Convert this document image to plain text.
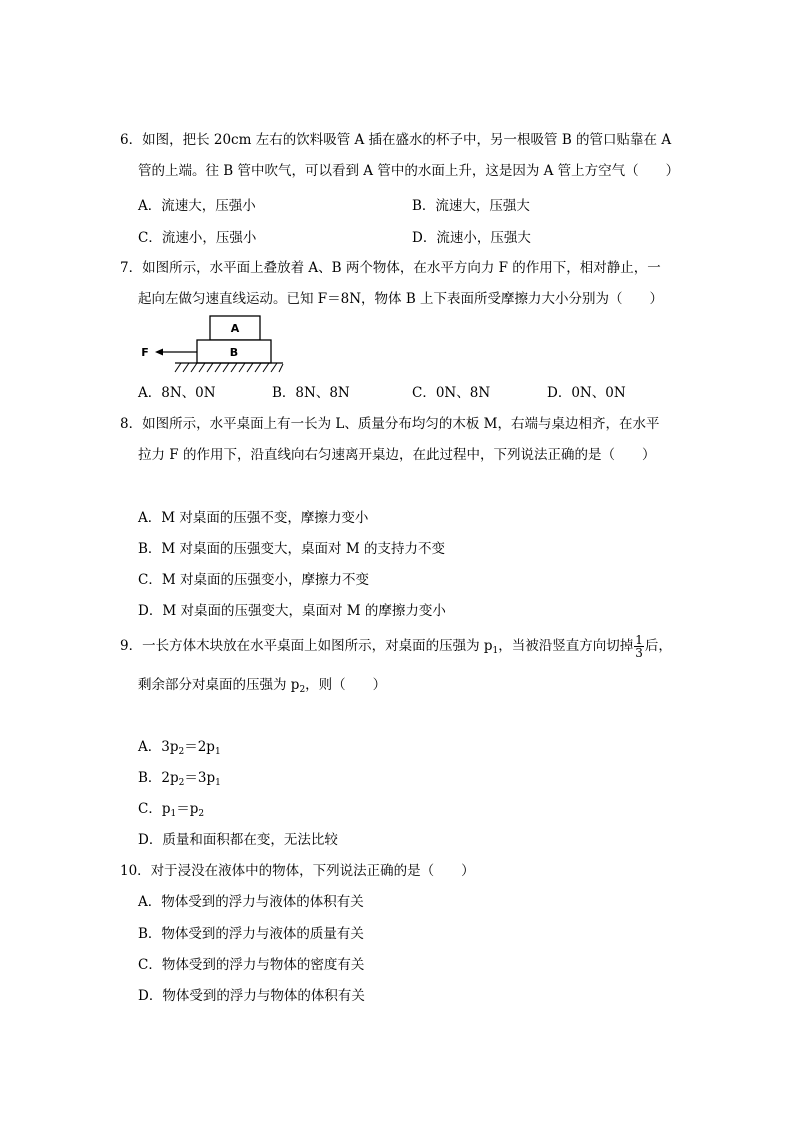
6．如图，把长 20cm 左右的饮料吸管 A 插在盛水的杯子中，另一根吸管 B 的管口贴靠在 A
管的上端。往 B 管中吹气，可以看到 A 管中的水面上升，这是因为 A 管上方空气（　　）
A．流速大，压强小	B．流速大，压强大
C．流速小，压强小	D．流速小，压强大
7．如图所示，水平面上叠放着 A、B 两个物体，在水平方向力 F 的作用下，相对静止，一
起向左做匀速直线运动。已知 F＝8N，物体 B 上下表面所受摩擦力大小分别为（　　）
A
B
F
A．8N、0N	B．8N、8N	C．0N、8N	D．0N、0N
8．如图所示，水平桌面上有一长为 L、质量分布均匀的木板 M，右端与桌边相齐，在水平
拉力 F 的作用下，沿直线向右匀速离开桌边，在此过程中，下列说法正确的是（　　）
A．M 对桌面的压强不变，摩擦力变小
B．M 对桌面的压强变大，桌面对 M 的支持力不变
C．M 对桌面的压强变小，摩擦力不变
D．M 对桌面的压强变大，桌面对 M 的摩擦力变小
9．一长方体木块放在水平桌面上如图所示，对桌面的压强为 $p_1$，当被沿竖直方向切掉 $\frac{1}{3}$ 后，
剩余部分对桌面的压强为 $p_2$，则（　　）
A．$3p_2=2p_1$
B．$2p_2=3p_1$
C．$p_1=p_2$
D．质量和面积都在变，无法比较
10．对于浸没在液体中的物体，下列说法正确的是（　　）
A．物体受到的浮力与液体的体积有关
B．物体受到的浮力与液体的质量有关
C．物体受到的浮力与物体的密度有关
D．物体受到的浮力与物体的体积有关
